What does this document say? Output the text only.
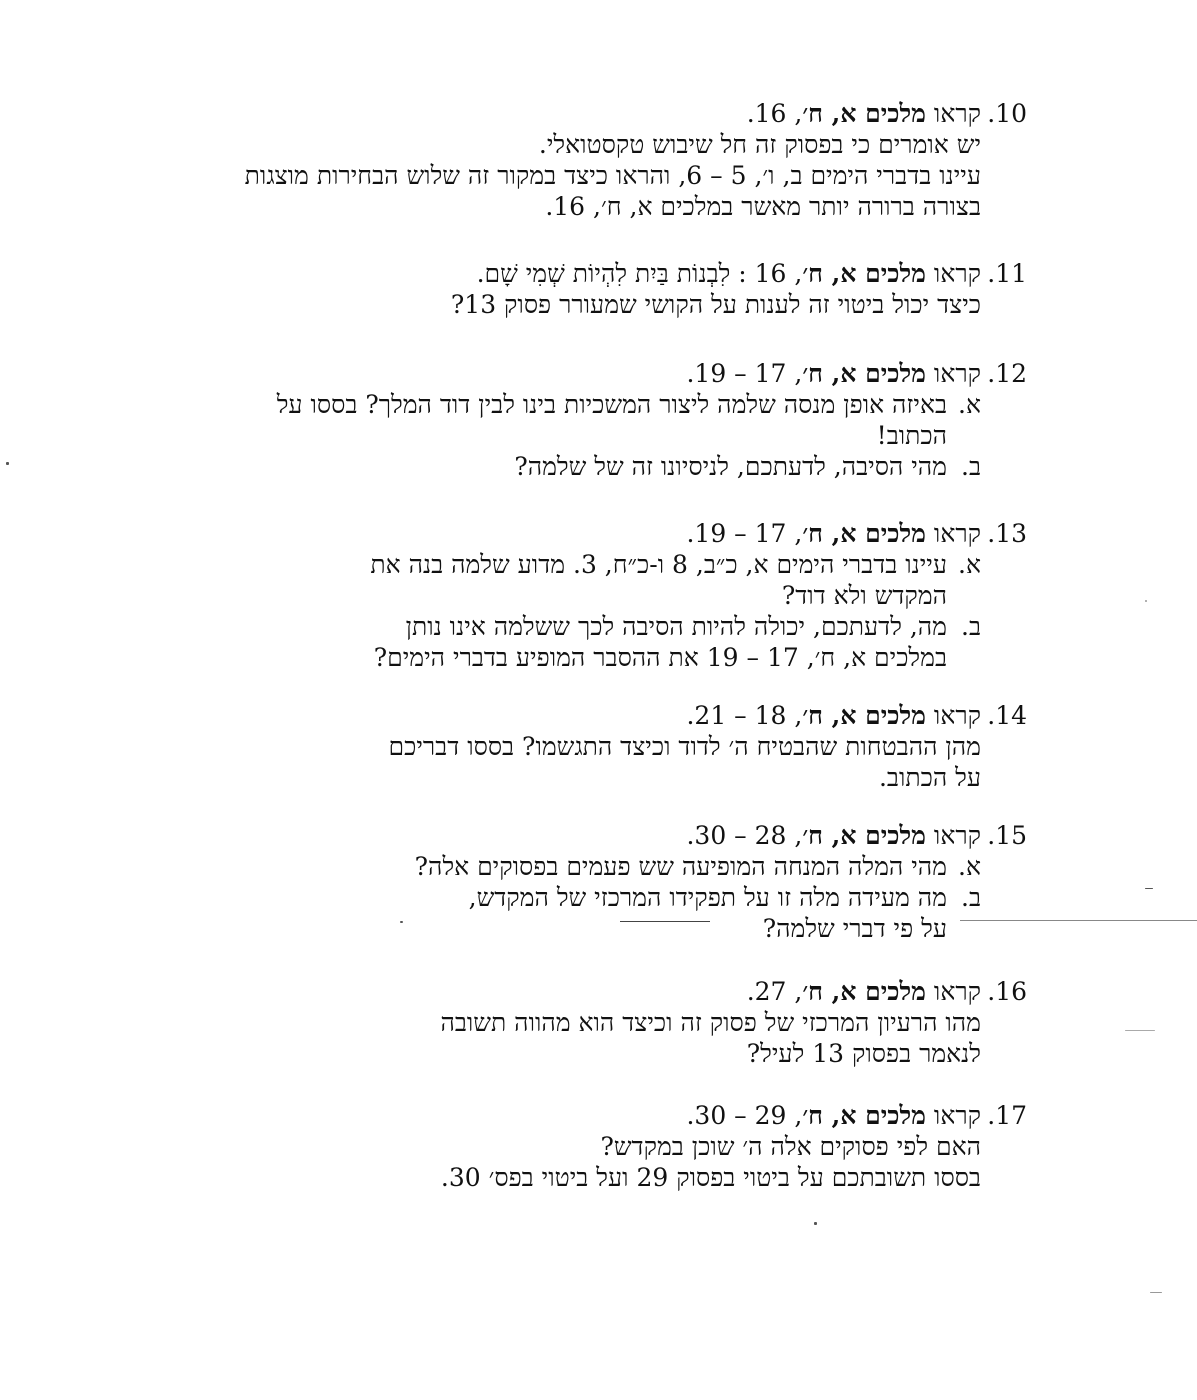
10.
קראו מלכים א, ח׳, 16.
יש אומרים כי בפסוק זה חל שיבוש טקסטואלי.
עיינו בדברי הימים ב, ו׳, 5 – 6, והראו כיצד במקור זה שלוש הבחירות מוצגות
בצורה ברורה יותר מאשר במלכים א, ח׳, 16.
11.
קראו מלכים א, ח׳, 16 : לִבְנוֹת בַּיִת לִהְיוֹת שְׁמִי שָׁם.
כיצד יכול ביטוי זה לענות על הקושי שמעורר פסוק 13?
12.
קראו מלכים א, ח׳, 17 – 19.
א.
באיזה אופן מנסה שלמה ליצור המשכיות בינו לבין דוד המלך? בססו על
הכתוב!
ב.
מהי הסיבה, לדעתכם, לניסיונו זה של שלמה?
13.
קראו מלכים א, ח׳, 17 – 19.
א.
עיינו בדברי הימים א, כ״ב, 8 ו-כ״ח, 3. מדוע שלמה בנה את
המקדש ולא דוד?
ב.
מה, לדעתכם, יכולה להיות הסיבה לכך ששלמה אינו נותן
במלכים א, ח׳, 17 – 19 את ההסבר המופיע בדברי הימים?
14.
קראו מלכים א, ח׳, 18 – 21.
מהן ההבטחות שהבטיח ה׳ לדוד וכיצד התגשמו? בססו דבריכם
על הכתוב.
15.
קראו מלכים א, ח׳, 28 – 30.
א.
מהי המלה המנחה המופיעה שש פעמים בפסוקים אלה?
ב.
מה מעידה מלה זו על תפקידו המרכזי של המקדש,
על פי דברי שלמה?
16.
קראו מלכים א, ח׳, 27.
מהו הרעיון המרכזי של פסוק זה וכיצד הוא מהווה תשובה
לנאמר בפסוק 13 לעיל?
17.
קראו מלכים א, ח׳, 29 – 30.
האם לפי פסוקים אלה ה׳ שוכן במקדש?
בססו תשובתכם על ביטוי בפסוק 29 ועל ביטוי בפס׳ 30.
